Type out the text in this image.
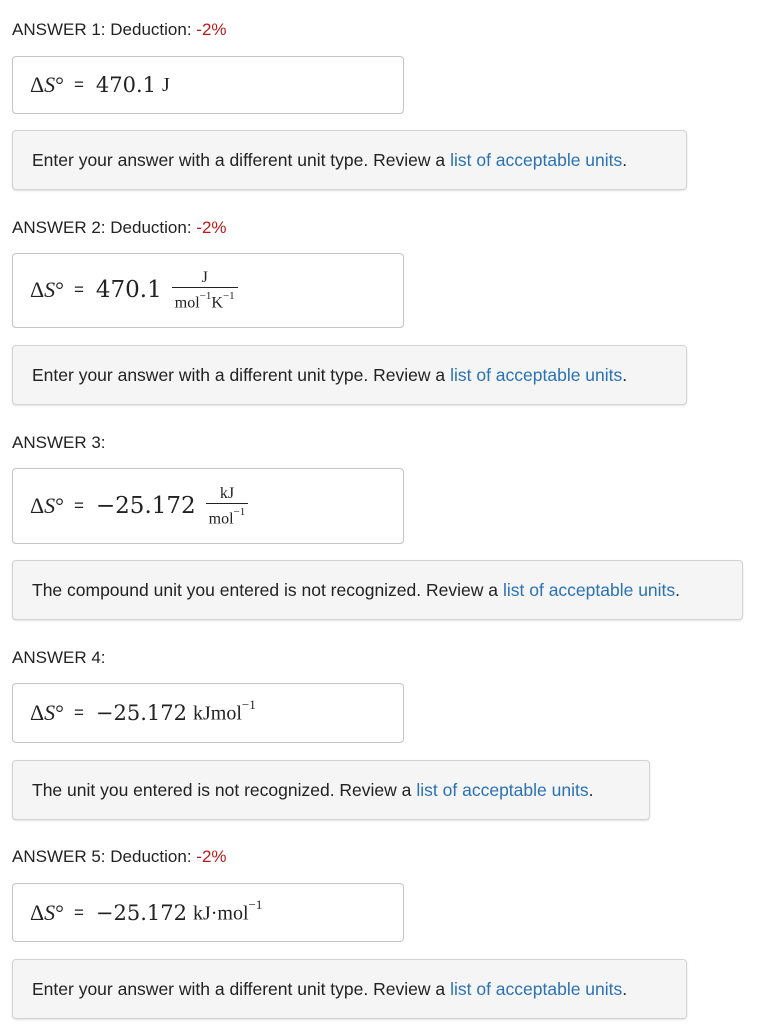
ANSWER 1: Deduction: -2%
Δ S ° = 470.1 J
Enter your answer with a different unit type. Review a list of acceptable units .
ANSWER 2: Deduction: -2%
Δ S ° = $470.1 \frac{J}{mol^{-1}K^{-1}}$
Enter your answer with a different unit type. Review a list of acceptable units .
ANSWER 3:
Δ S ° = $-25.172 \frac{kJ}{mol^{-1}}$
The compound unit you entered is not recognized. Review a list of acceptable units .
ANSWER 4:
Δ S ° = −25.172 kJmol$^{-1}$
The unit you entered is not recognized. Review a list of acceptable units .
ANSWER 5: Deduction: -2%
Δ S ° = −25.172 kJ·mol$^{-1}$
Enter your answer with a different unit type. Review a list of acceptable units .
